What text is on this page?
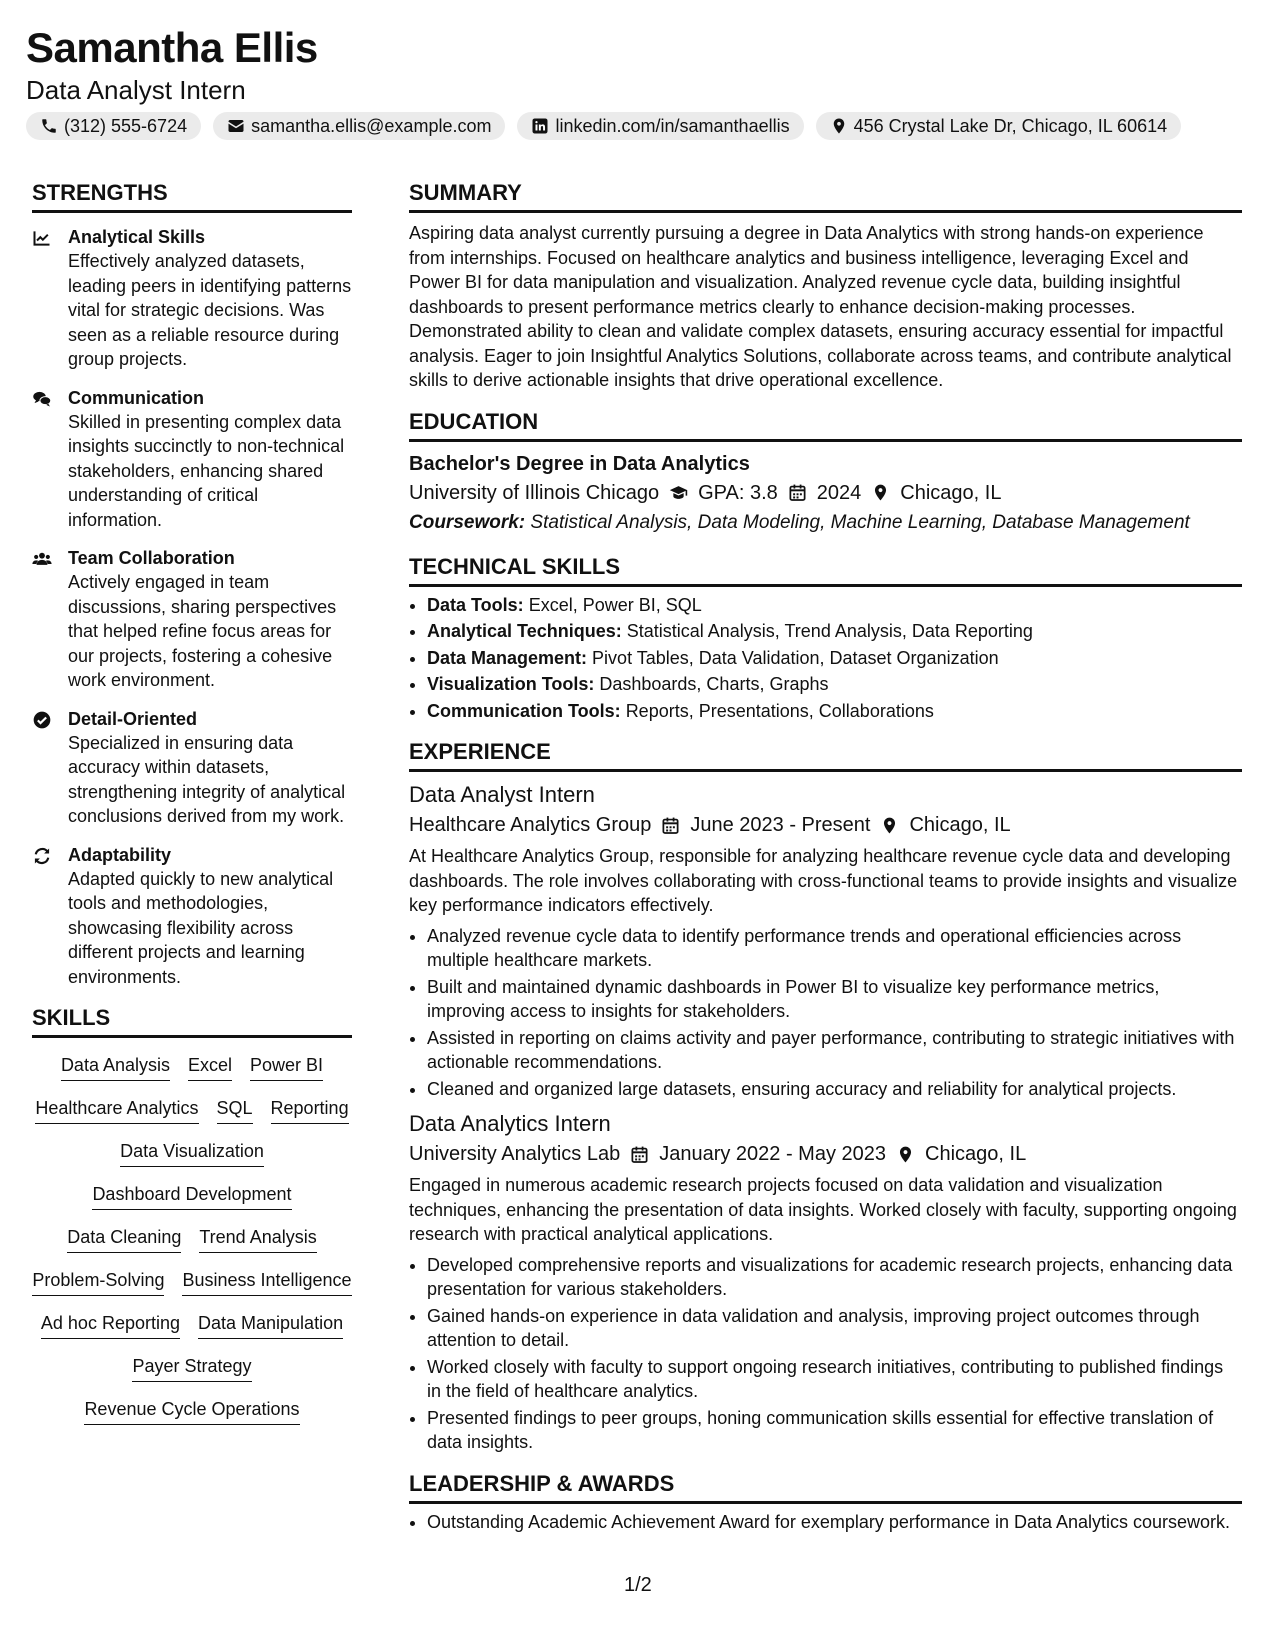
Samantha Ellis
Data Analyst Intern
(312) 555-6724	samantha.ellis@example.com	linkedin.com/in/samanthaellis	456 Crystal Lake Dr, Chicago, IL 60614
STRENGTHS
Analytical Skills
Effectively analyzed datasets, leading peers in identifying patterns vital for strategic decisions. Was seen as a reliable resource during group projects.
Communication
Skilled in presenting complex data insights succinctly to non-technical stakeholders, enhancing shared understanding of critical information.
Team Collaboration
Actively engaged in team discussions, sharing perspectives that helped refine focus areas for our projects, fostering a cohesive work environment.
Detail-Oriented
Specialized in ensuring data accuracy within datasets, strengthening integrity of analytical conclusions derived from my work.
Adaptability
Adapted quickly to new analytical tools and methodologies, showcasing flexibility across different projects and learning environments.
SKILLS
Data Analysis Excel Power BI
Healthcare Analytics SQL Reporting
Data Visualization
Dashboard Development
Data Cleaning Trend Analysis
Problem-Solving Business Intelligence
Ad hoc Reporting Data Manipulation
Payer Strategy
Revenue Cycle Operations
SUMMARY

Aspiring data analyst currently pursuing a degree in Data Analytics with strong hands-on experience from internships. Focused on healthcare analytics and business intelligence, leveraging Excel and Power BI for data manipulation and visualization. Analyzed revenue cycle data, building insightful dashboards to present performance metrics clearly to enhance decision-making processes. Demonstrated ability to clean and validate complex datasets, ensuring accuracy essential for impactful analysis. Eager to join Insightful Analytics Solutions, collaborate across teams, and contribute analytical skills to derive actionable insights that drive operational excellence.

EDUCATION
Bachelor's Degree in Data Analytics
University of Illinois Chicago GPA: 3.8 2024 Chicago, IL
Coursework: Statistical Analysis, Data Modeling, Machine Learning, Database Management
TECHNICAL SKILLS
• Data Tools: Excel, Power BI, SQL
• Analytical Techniques: Statistical Analysis, Trend Analysis, Data Reporting
• Data Management: Pivot Tables, Data Validation, Dataset Organization
• Visualization Tools: Dashboards, Charts, Graphs
• Communication Tools: Reports, Presentations, Collaborations
EXPERIENCE
Data Analyst Intern
Healthcare Analytics Group June 2023 - Present Chicago, IL

At Healthcare Analytics Group, responsible for analyzing healthcare revenue cycle data and developing dashboards. The role involves collaborating with cross-functional teams to provide insights and visualize key performance indicators effectively.

• Analyzed revenue cycle data to identify performance trends and operational efficiencies across multiple healthcare markets.
• Built and maintained dynamic dashboards in Power BI to visualize key performance metrics, improving access to insights for stakeholders.
• Assisted in reporting on claims activity and payer performance, contributing to strategic initiatives with actionable recommendations.
• Cleaned and organized large datasets, ensuring accuracy and reliability for analytical projects.
Data Analytics Intern
University Analytics Lab January 2022 - May 2023 Chicago, IL

Engaged in numerous academic research projects focused on data validation and visualization techniques, enhancing the presentation of data insights. Worked closely with faculty, supporting ongoing research with practical analytical applications.

• Developed comprehensive reports and visualizations for academic research projects, enhancing data presentation for various stakeholders.
• Gained hands-on experience in data validation and analysis, improving project outcomes through attention to detail.
• Worked closely with faculty to support ongoing research initiatives, contributing to published findings in the field of healthcare analytics.
• Presented findings to peer groups, honing communication skills essential for effective translation of data insights.
LEADERSHIP & AWARDS
• Outstanding Academic Achievement Award for exemplary performance in Data Analytics coursework.
1/2
